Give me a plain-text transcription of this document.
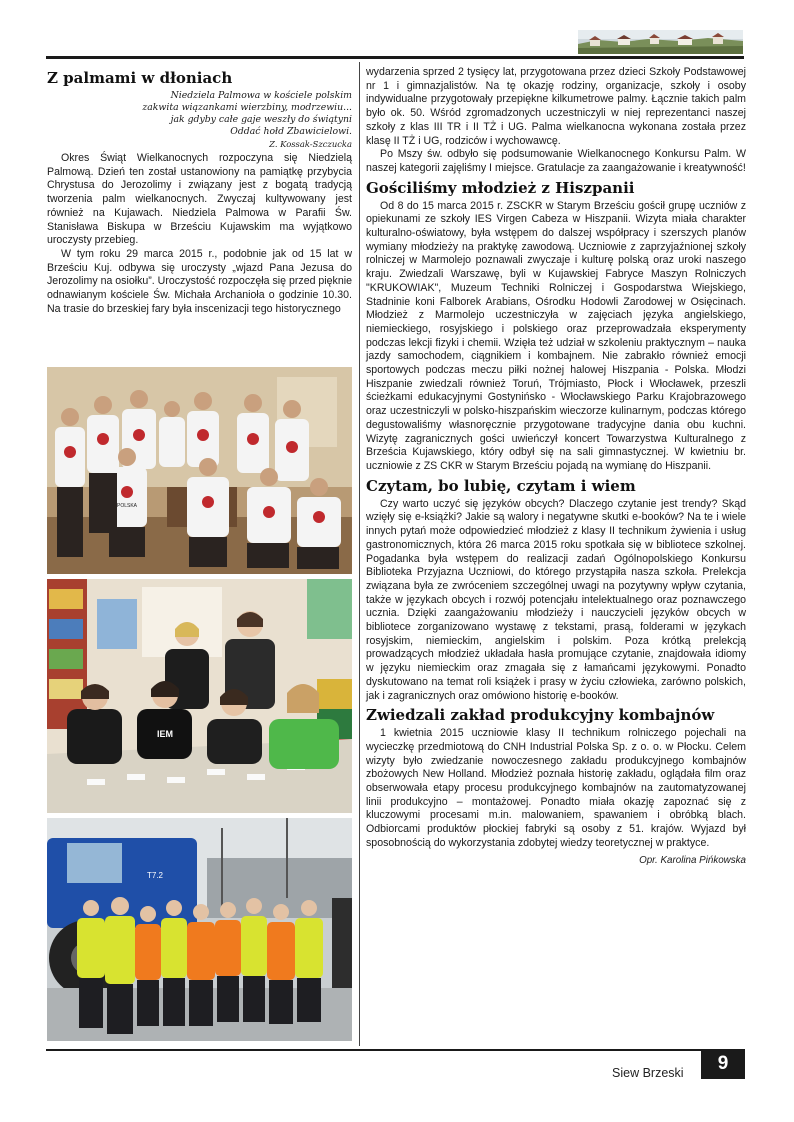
Z palmami w dłoniach
Niedziela Palmowa w kościele polskim
zakwita wiązankami wierzbiny, modrzewiu...
jak gdyby całe gaje weszły do świątyni
Oddać hołd Zbawicielowi.
Z. Kossak-Szczucka

Okres Świąt Wielkanocnych rozpoczyna się Niedzielą Palmową. Dzień ten został ustanowiony na pamiątkę przybycia Chrystusa do Jerozolimy i związany jest z bogatą tradycją tworzenia palm wielkanocnych. Zwyczaj kultywowany jest również na Kujawach. Niedziela Palmowa w Parafii Św. Stanisława Biskupa w Brześciu Kujawskim ma wyjątkowo uroczysty przebieg.

W tym roku 29 marca 2015 r., podobnie jak od 15 lat w Brześciu Kuj. odbywa się uroczysty „wjazd Pana Jezusa do Jerozolimy na osiołku”. Uroczystość rozpoczęła się przed pięknie odnawianym kościele Św. Michała Archanioła o godzinie 10.30. Na trasie do brzeskiej fary była inscenizacji tego historycznego

POLSKA
IEM
T7.2

wydarzenia sprzed 2 tysięcy lat, przygotowana przez dzieci Szkoły Podstawowej nr 1 i gimnazjalistów. Na tę okazję rodziny, organizacje, szkoły i osoby indywidualne przygotowały przepiękne kilkumetrowe palmy. Łącznie takich palm było ok. 50. Wśród zgromadzonych uczestniczyli w niej reprezentanci naszej szkoły z klas III TR i II TŻ i UG. Palma wielkanocna wykonana została przez klasę II TŻ i UG, rodziców i wychowawcę.

Po Mszy św. odbyło się podsumowanie Wielkanocnego Konkursu Palm. W naszej kategorii zajęliśmy I miejsce. Gratulacje za zaangażowanie i kreatywność!

Gościliśmy młodzież z Hiszpanii

Od 8 do 15 marca 2015 r. ZSCKR w Starym Brześciu gościł grupę uczniów z opiekunami ze szkoły IES Virgen Cabeza w Hiszpanii. Wizyta miała charakter kulturalno-oświatowy, była wstępem do dalszej współpracy i szerszych planów wymiany młodzieży na praktykę zawodową. Uczniowie z zaprzyjaźnionej szkoły rolniczej w Marmolejo poznawali zwyczaje i kulturę polską oraz uroki naszego kraju. Zwiedzali Warszawę, byli w Kujawskiej Fabryce Maszyn Rolniczych "KRUKOWIAK", Muzeum Techniki Rolniczej i Gospodarstwa Wiejskiego, Stadninie koni Falborek Arabians, Ośrodku Hodowli Zarodowej w Osięcinach. Młodzież z Marmolejo uczestniczyła w zajęciach języka angielskiego, niemieckiego, rosyjskiego i polskiego oraz przeprowadzała eksperymenty podczas lekcji fizyki i chemii. Wzięła też udział w szkoleniu praktycznym – nauka jazdy samochodem, ciągnikiem i kombajnem. Nie zabrakło również emocji sportowych podczas meczu piłki nożnej halowej Hiszpania - Polska. Młodzi Hiszpanie zwiedzali również Toruń, Trójmiasto, Płock i Włocławek, przeszli ścieżkami edukacyjnymi Gostynińsko - Włocławskiego Parku Krajobrazowego oraz uczestniczyli w polsko-hiszpańskim wieczorze kulinarnym, podczas którego degustowaliśmy własnoręcznie przygotowane tradycyjne dania obu kuchni. Wizytę zagranicznych gości uwieńczył koncert Towarzystwa Kulturalnego z Brześcia Kujawskiego, który odbył się na sali gimnastycznej. W kwietniu br. uczniowie z ZS CKR w Starym Brześciu pojadą na wymianę do Hiszpanii.

Czytam, bo lubię, czytam i wiem

Czy warto uczyć się języków obcych? Dlaczego czytanie jest trendy? Skąd wzięły się e-książki? Jakie są walory i negatywne skutki e-booków? Na te i wiele innych pytań może odpowiedzieć młodzież z klasy II technikum żywienia i usług gastronomicznych, która 26 marca 2015 roku spotkała się w bibliotece szkolnej. Pogadanka była wstępem do realizacji zadań Ogólnopolskiego Konkursu Biblioteka Przyjazna Uczniowi, do którego przystąpiła nasza szkoła. Prelekcja związana była ze zwróceniem szczególnej uwagi na pozytywny wpływ czytania, także w językach obcych i rozwój potencjału intelektualnego oraz poznawczego ucznia. Dzięki zaangażowaniu młodzieży i nauczycieli języków obcych w bibliotece zorganizowano wystawę z tekstami, prasą, folderami w językach rosyjskim, niemieckim, angielskim i polskim. Poza krótką prelekcją prowadzących młodzież układała hasła promujące czytanie, znajdowała idiomy w języku niemieckim oraz zmagała się z łamańcami językowymi. Ponadto dyskutowano na temat roli książek i prasy w życiu człowieka, zarówno polskich, jak i zagranicznych oraz omówiono historię e-booków.

Zwiedzali zakład produkcyjny kombajnów

1 kwietnia 2015 uczniowie klasy II technikum rolniczego pojechali na wycieczkę przedmiotową do CNH Industrial Polska Sp. z o. o. w Płocku. Celem wizyty było zwiedzanie nowoczesnego zakładu produkcyjnego kombajnów zbożowych New Holland. Młodzież poznała historię zakładu, oglądała film oraz obserwowała etapy procesu produkcyjnego kombajnów na zautomatyzowanej linii produkcyjno – montażowej. Ponadto miała okazję zapoznać się z kluczowymi procesami m.in. malowaniem, spawaniem i obróbką blach. Odbiorcami produktów płockiej fabryki są osoby z 51. krajów. Wyjazd był sposobnością do wykorzystania zdobytej wiedzy teoretycznej w praktyce.

Opr. Karolina Pińkowska
Siew Brzeski	9
